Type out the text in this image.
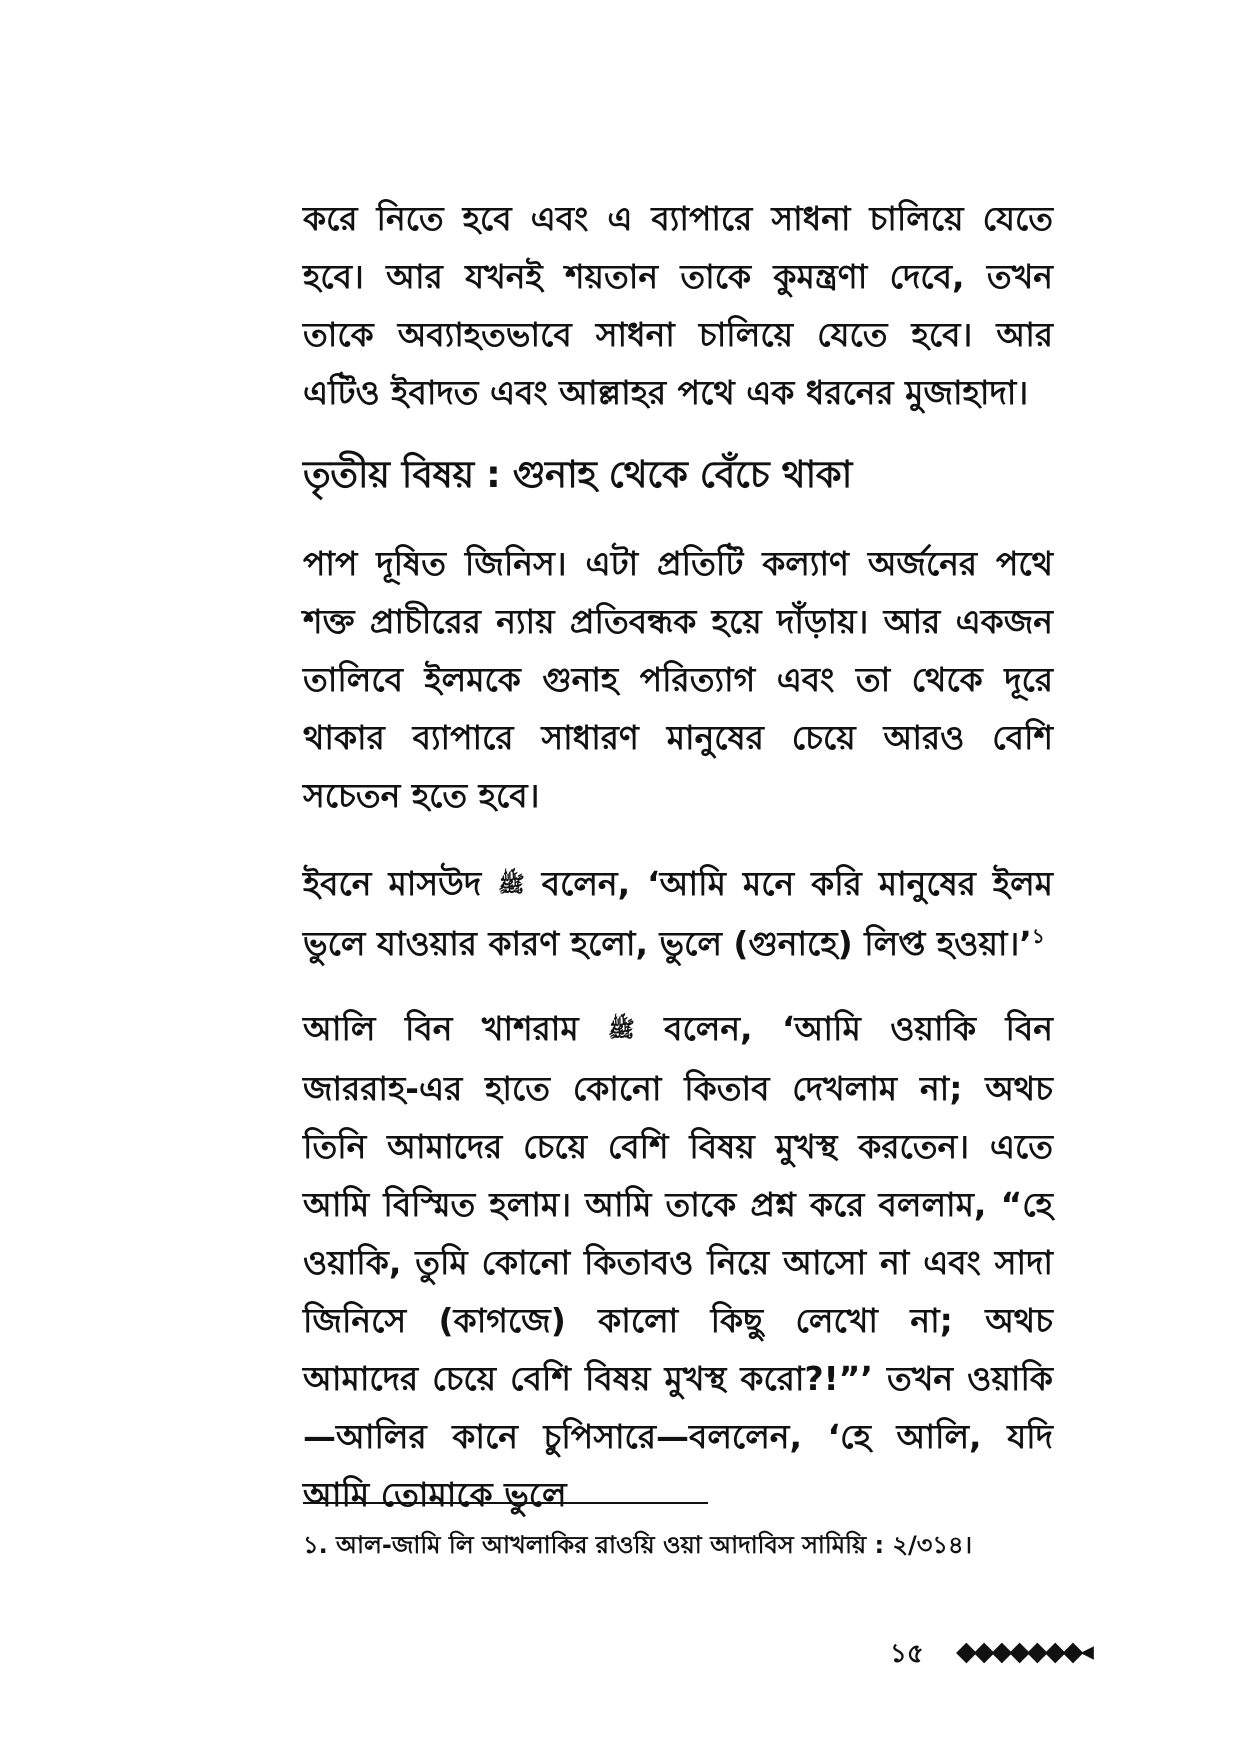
করে নিতে হবে এবং এ ব্যাপারে সাধনা চালিয়ে যেতে হবে। আর যখনই শয়তান তাকে কুমন্ত্রণা দেবে, তখন তাকে অব্যাহতভাবে সাধনা চালিয়ে যেতে হবে। আর এটিও ইবাদত এবং আল্লাহর পথে এক ধরনের মুজাহাদা।

তৃতীয় বিষয় : গুনাহ থেকে বেঁচে থাকা

পাপ দূষিত জিনিস। এটা প্রতিটি কল্যাণ অর্জনের পথে শক্ত প্রাচীরের ন্যায় প্রতিবন্ধক হয়ে দাঁড়ায়। আর একজন তালিবে ইলমকে গুনাহ পরিত্যাগ এবং তা থেকে দূরে থাকার ব্যাপারে সাধারণ মানুষের চেয়ে আরও বেশি সচেতন হতে হবে।

ইবনে মাসউদ ﷺ বলেন, ‘আমি মনে করি মানুষের ইলম ভুলে যাওয়ার কারণ হলো, ভুলে (গুনাহে) লিপ্ত হওয়া।’$^১$

আলি বিন খাশরাম ﷺ বলেন, ‘আমি ওয়াকি বিন জাররাহ-এর হাতে কোনো কিতাব দেখলাম না; অথচ তিনি আমাদের চেয়ে বেশি বিষয় মুখস্থ করতেন। এতে আমি বিস্মিত হলাম। আমি তাকে প্রশ্ন করে বললাম, “হে ওয়াকি, তুমি কোনো কিতাবও নিয়ে আসো না এবং সাদা জিনিসে (কাগজে) কালো কিছু লেখো না; অথচ আমাদের চেয়ে বেশি বিষয় মুখস্থ করো?!”’ তখন ওয়াকি—আলির কানে চুপিসারে—বললেন, ‘হে আলি, যদি আমি তোমাকে ভুলে

১. আল-জামি লি আখলাকির রাওয়ি ওয়া আদাবিস সামিয়ি : ২/৩১৪।

১৫ ◆◆◆◆◆◆◆◂
